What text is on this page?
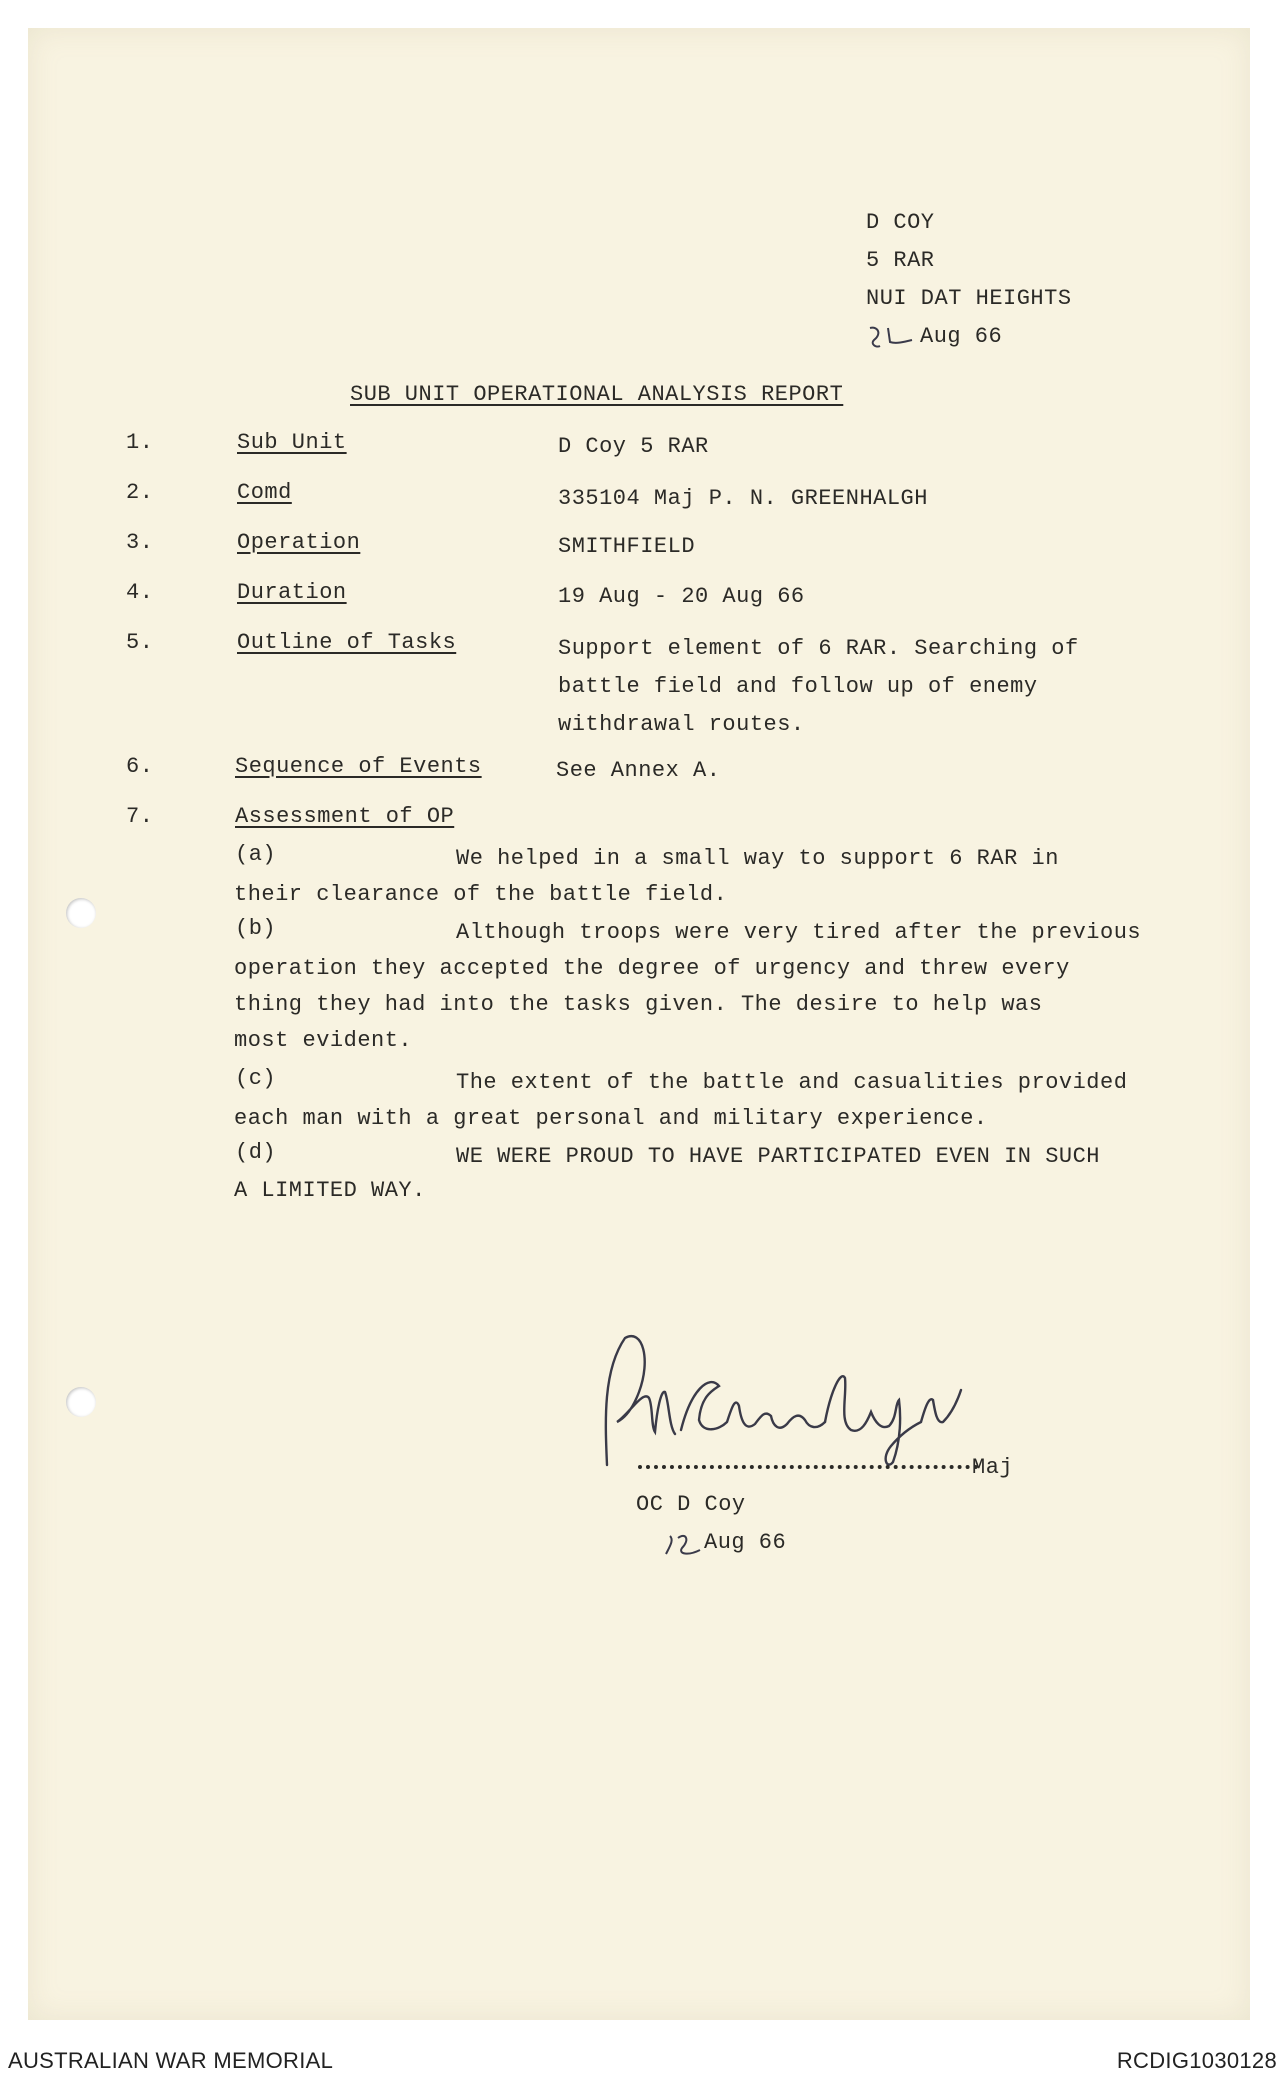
D COY
5 RAR
NUI DAT HEIGHTS
Aug 66
SUB UNIT OPERATIONAL ANALYSIS REPORT
1.	Sub Unit	D Coy 5 RAR
2.	Comd	335104 Maj P. N. GREENHALGH
3.	Operation	SMITHFIELD
4.	Duration	19 Aug - 20 Aug 66
5.	Outline of Tasks	Support element of 6 RAR. Searching of
battle field and follow up of enemy
withdrawal routes.
6.	Sequence of Events	See Annex A.
7.	Assessment of OP
(a)	We helped in a small way to support 6 RAR in
their clearance of the battle field.
(b)	Although troops were very tired after the previous
operation they accepted the degree of urgency and threw every
thing they had into the tasks given. The desire to help was
most evident.
(c)	The extent of the battle and casualities provided
each man with a great personal and military experience.
(d)	WE WERE PROUD TO HAVE PARTICIPATED EVEN IN SUCH
A LIMITED WAY.
Maj
OC D Coy
Aug 66
AUSTRALIAN WAR MEMORIAL	RCDIG1030128
